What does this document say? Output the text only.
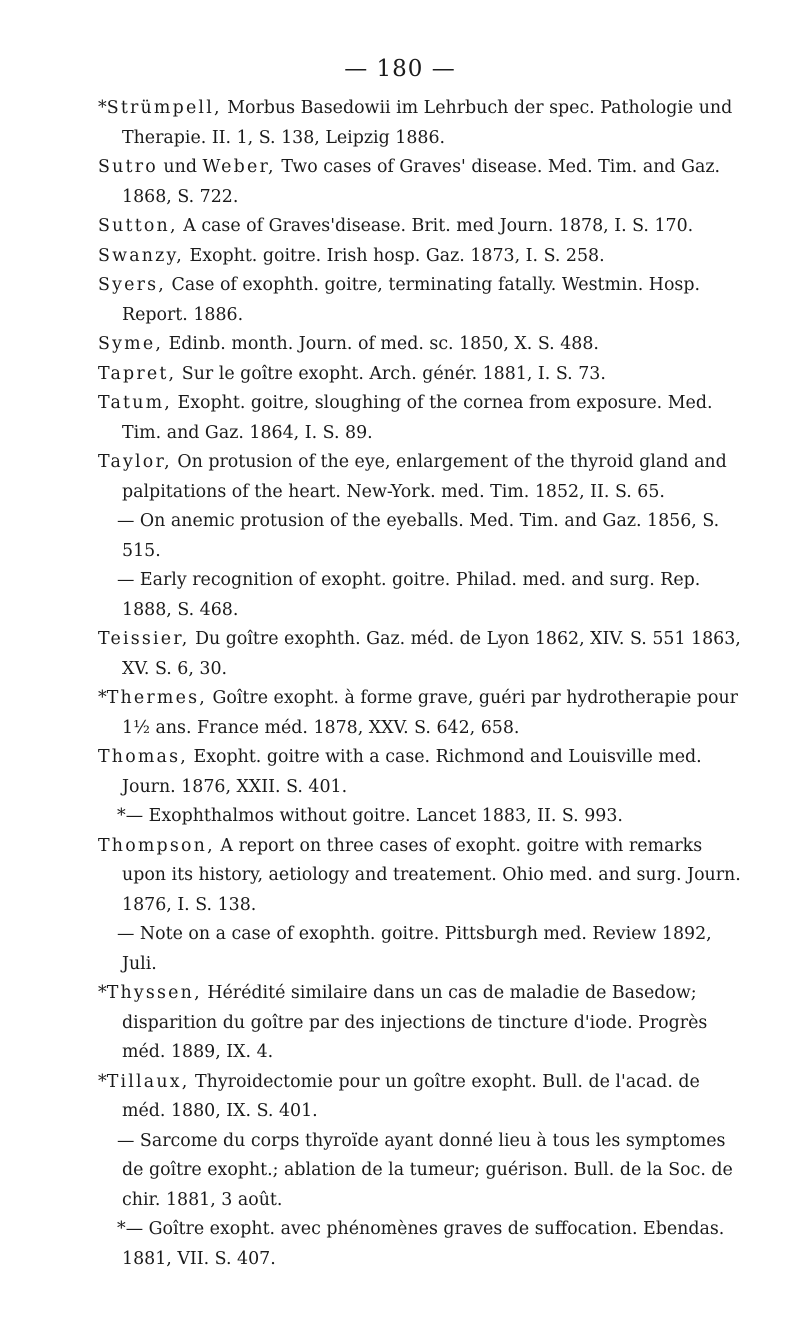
— 180 —

*Strümpell, Morbus Basedowii im Lehrbuch der spec. Pathologie und Therapie. II. 1, S. 138, Leipzig 1886.

Sutro und Weber, Two cases of Graves' disease. Med. Tim. and Gaz. 1868, S. 722.

Sutton, A case of Graves'disease. Brit. med Journ. 1878, I. S. 170.

Swanzy, Exopht. goitre. Irish hosp. Gaz. 1873, I. S. 258.

Syers, Case of exophth. goitre, terminating fatally. Westmin. Hosp. Report. 1886.

Syme, Edinb. month. Journ. of med. sc. 1850, X. S. 488.

Tapret, Sur le goître exopht. Arch. génér. 1881, I. S. 73.

Tatum, Exopht. goitre, sloughing of the cornea from exposure. Med. Tim. and Gaz. 1864, I. S. 89.

Taylor, On protusion of the eye, enlargement of the thyroid gland and palpitations of the heart. New-York. med. Tim. 1852, II. S. 65.

— On anemic protusion of the eyeballs. Med. Tim. and Gaz. 1856, S. 515.

— Early recognition of exopht. goitre. Philad. med. and surg. Rep. 1888, S. 468.

Teissier, Du goître exophth. Gaz. méd. de Lyon 1862, XIV. S. 551 1863, XV. S. 6, 30.

*Thermes, Goître exopht. à forme grave, guéri par hydrotherapie pour 1½ ans. France méd. 1878, XXV. S. 642, 658.

Thomas, Exopht. goitre with a case. Richmond and Louisville med. Journ. 1876, XXII. S. 401.

*— Exophthalmos without goitre. Lancet 1883, II. S. 993.

Thompson, A report on three cases of exopht. goitre with remarks upon its history, aetiology and treatement. Ohio med. and surg. Journ. 1876, I. S. 138.

— Note on a case of exophth. goitre. Pittsburgh med. Review 1892, Juli.

*Thyssen, Hérédité similaire dans un cas de maladie de Basedow; disparition du goître par des injections de tincture d'iode. Progrès méd. 1889, IX. 4.

*Tillaux, Thyroidectomie pour un goître exopht. Bull. de l'acad. de méd. 1880, IX. S. 401.

— Sarcome du corps thyroïde ayant donné lieu à tous les symptomes de goître exopht.; ablation de la tumeur; guérison. Bull. de la Soc. de chir. 1881, 3 août.

*— Goître exopht. avec phénomènes graves de suffocation. Ebendas. 1881, VII. S. 407.
